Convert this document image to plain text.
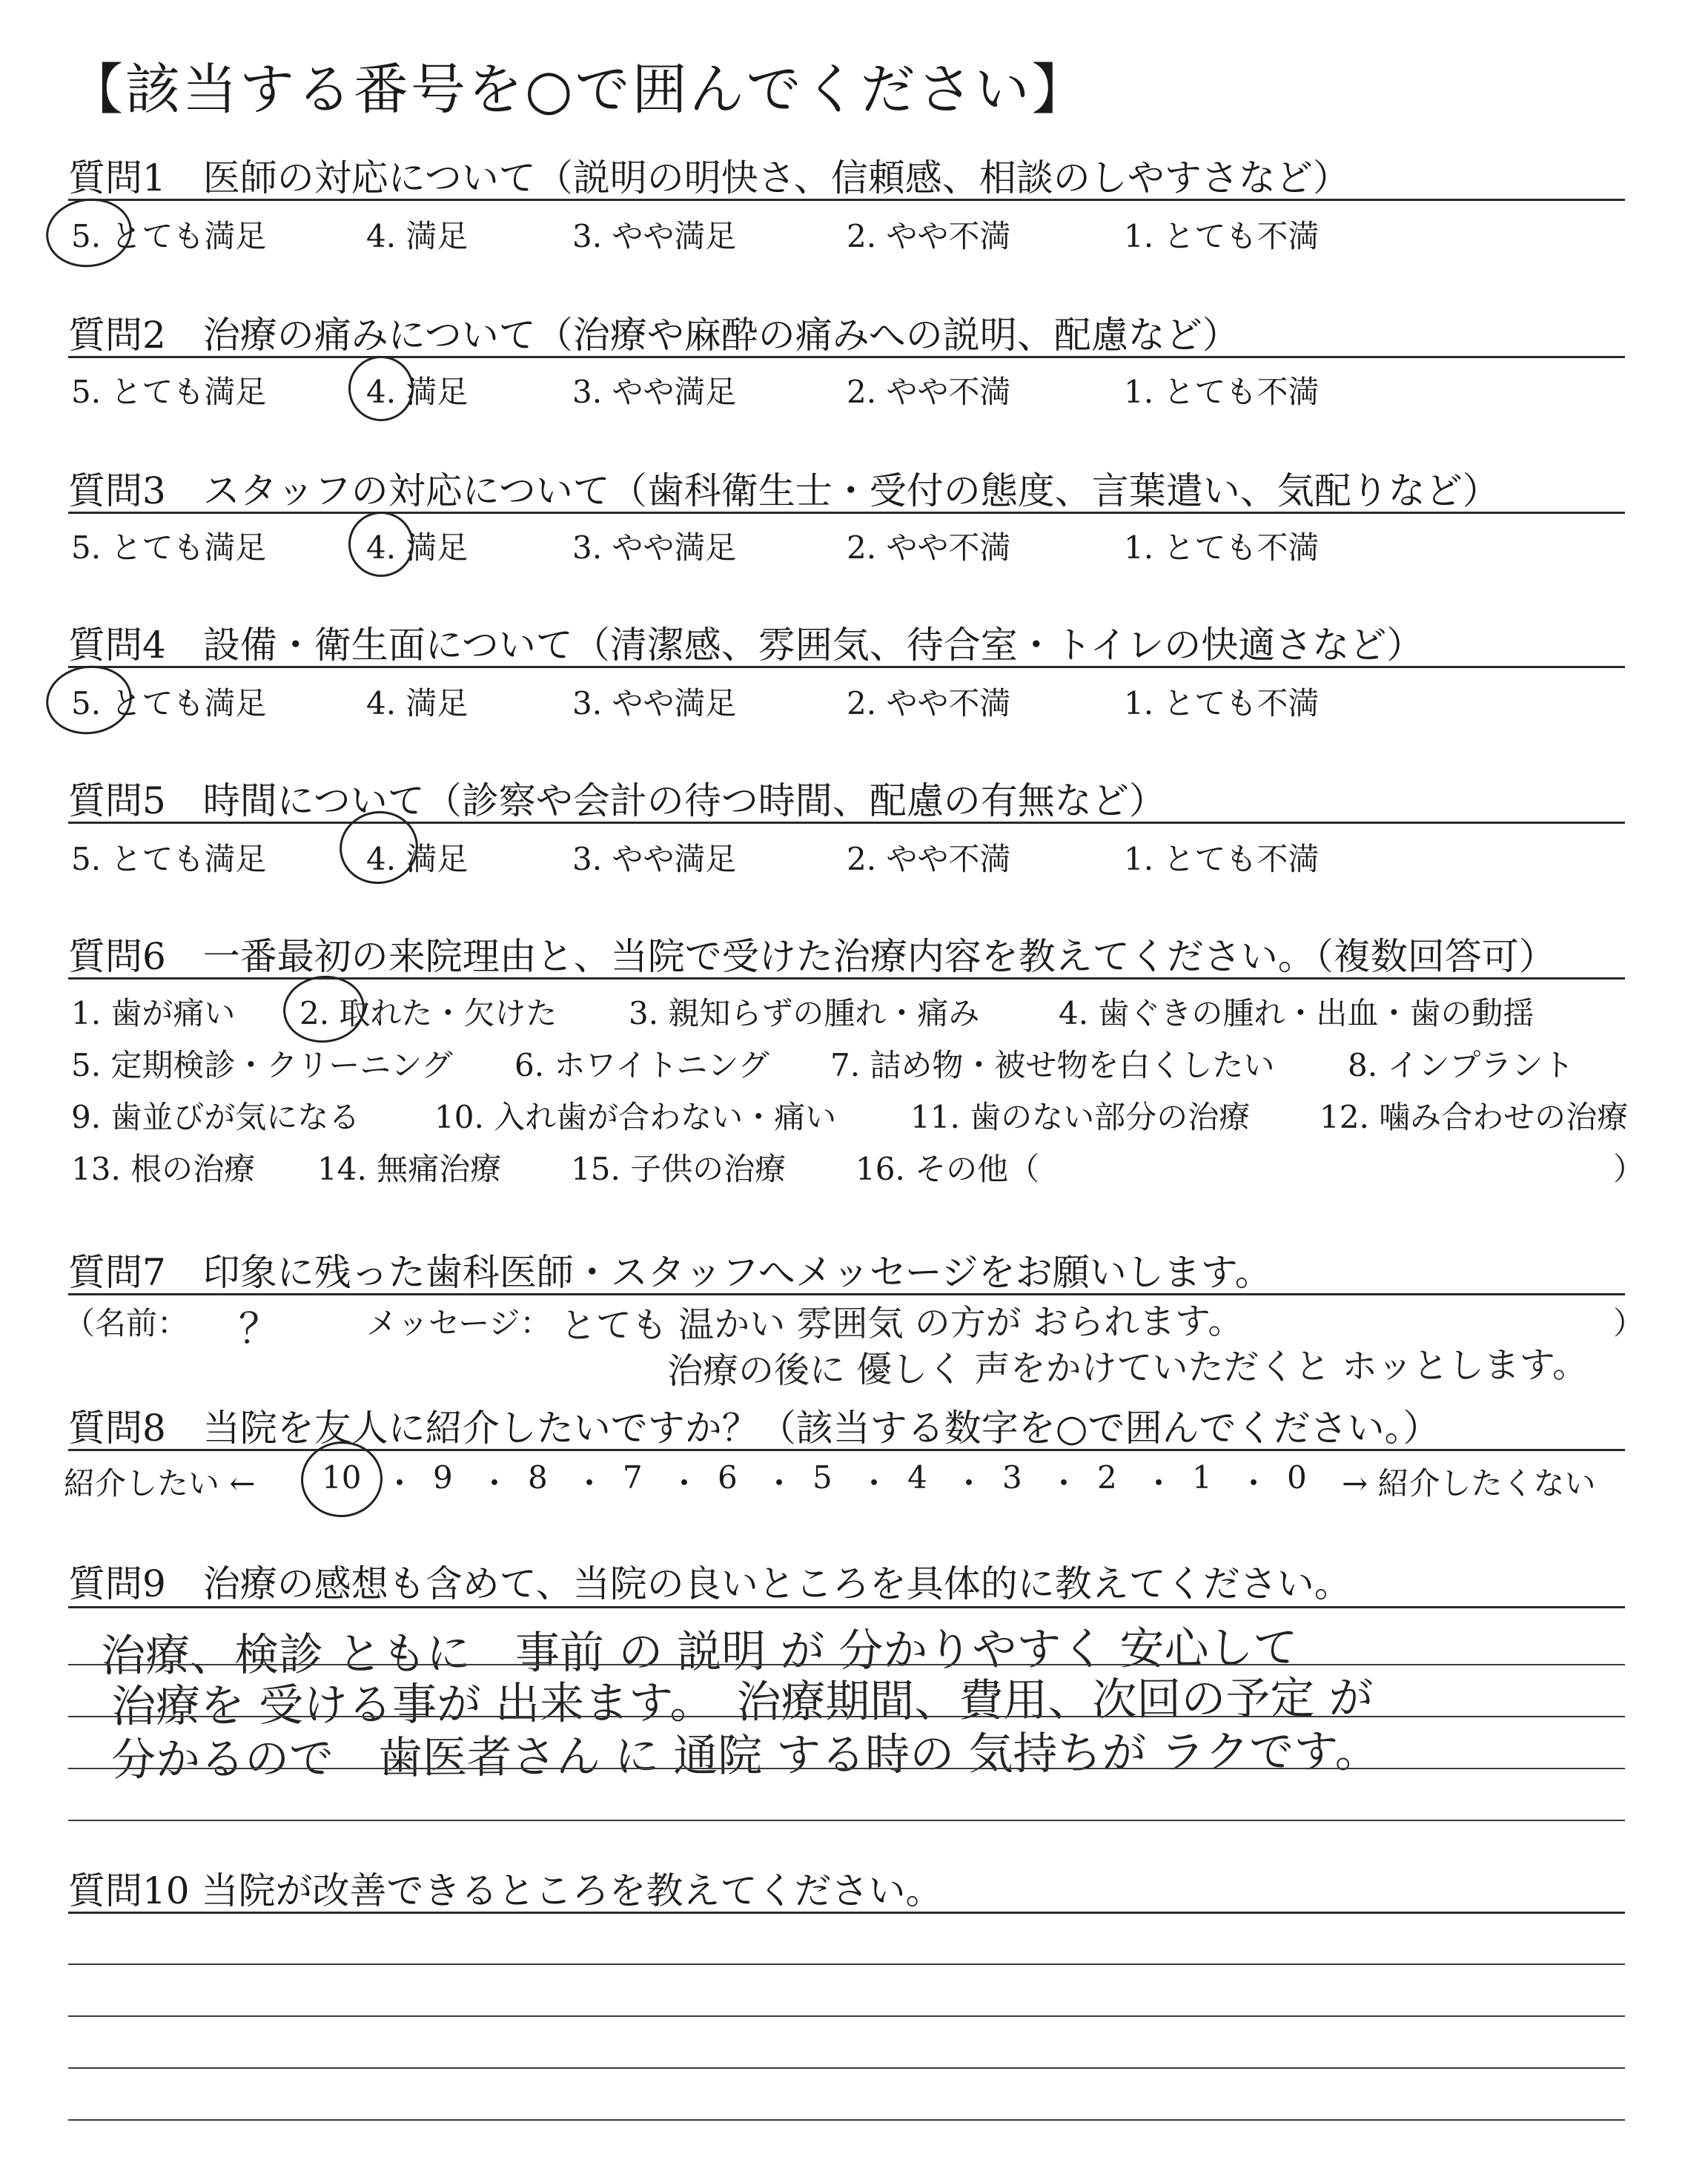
【該当する番号を○で囲んでください】
質問1　医師の対応について（説明の明快さ、信頼感、相談のしやすさなど）
5. とても満足	4. 満足	3. やや満足	2. やや不満	1. とても不満
質問2　治療の痛みについて（治療や麻酔の痛みへの説明、配慮など）
5. とても満足	4. 満足	3. やや満足	2. やや不満	1. とても不満
質問3　スタッフの対応について（歯科衛生士・受付の態度、言葉遣い、気配りなど）
5. とても満足	4. 満足	3. やや満足	2. やや不満	1. とても不満
質問4　設備・衛生面について（清潔感、雰囲気、待合室・トイレの快適さなど）
5. とても満足	4. 満足	3. やや満足	2. やや不満	1. とても不満
質問5　時間について（診察や会計の待つ時間、配慮の有無など）
5. とても満足	4. 満足	3. やや満足	2. やや不満	1. とても不満
質問6　一番最初の来院理由と、当院で受けた治療内容を教えてください。（複数回答可）
1. 歯が痛い 2. 取れた・欠けた 3. 親知らずの腫れ・痛み	4. 歯ぐきの腫れ・出血・歯の動揺
5. 定期検診・クリーニング 6. ホワイトニング 7. 詰め物・被せ物を白くしたい 8. インプラント
9. 歯並びが気になる 10. 入れ歯が合わない・痛い 11. 歯のない部分の治療 12. 噛み合わせの治療
13. 根の治療 14. 無痛治療 15. 子供の治療 16. その他（	）
質問7　印象に残った歯科医師・スタッフへメッセージをお願いします。
（名前： ？	メッセージ： とても 温かい 雰囲気 の方が おられます。
治療の後に 優しく 声をかけていただくと ホッとします。
）
質問8　当院を友人に紹介したいですか？（該当する数字を○で囲んでください。）
紹介したい ← 10 ・ 9 ・ 8 ・ 7 ・ 6 ・ 5 ・ 4 ・ 3 ・ 2 ・ 1 ・ 0 → 紹介したくない
質問9　治療の感想も含めて、当院の良いところを具体的に教えてください。
治療、検診 ともに　事前 の 説明 が 分かりやすく 安心して
治療を 受ける事が 出来ます。　治療期間、費用、次回の予定 が
分かるので　歯医者さん に 通院 する時の 気持ちが ラクです。
質問10 当院が改善できるところを教えてください。
